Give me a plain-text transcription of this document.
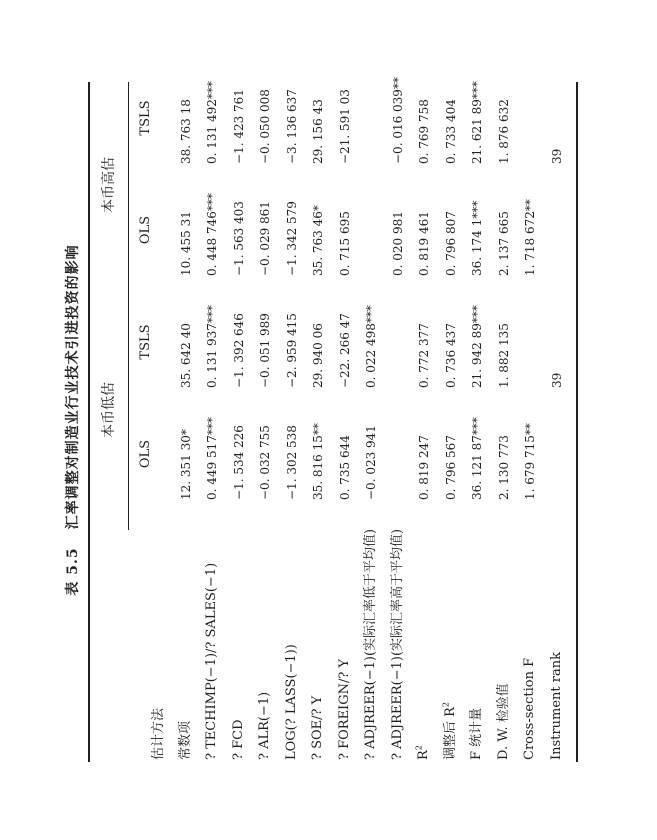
表 5.5汇率调整对制造业行业技术引进投资的影响 本币低估
本币高估
OLS
TSLS
OLS
TSLS
估计方法 常数项
12. 351 30*
35. 642 40
10. 455 31
38. 763 18
? TECHIMP(−1)/? SALES(−1)
0. 449 517***
0. 131 937***
0. 448 746***
0. 131 492***
? FCD
−1. 534 226
−1. 392 646
−1. 563 403
−1. 423 761
? ALR(−1)
−0. 032 755
−0. 051 989
−0. 029 861
−0. 050 008
LOG(? LASS(−1))
−1. 302 538
−2. 959 415
−1. 342 579
−3. 136 637
? SOE/? Y
35. 816 15**
29. 940 06
35. 763 46*
29. 156 43
? FOREIGN/? Y
0. 735 644
−22. 266 47
0. 715 695
−21. 591 03
? ADJREER(−1)(实际汇率低于平均值)
−0. 023 941
0. 022 498***
? ADJREER(−1)(实际汇率高于平均值)
0. 020 981
−0. 016 039**
$R^2$
0. 819 247
0. 772 377
0. 819 461
0. 769 758
调整后 $R^2$
0. 796 567
0. 736 437
0. 796 807
0. 733 404
F 统计量
36. 121 87***
21. 942 89***
36. 174 1***
21. 621 89***
D. W. 检验值
2. 130 773
1. 882 135
2. 137 665
1. 876 632
Cross-section F
1. 679 715**
1. 718 672**
Instrument rank
39
39
